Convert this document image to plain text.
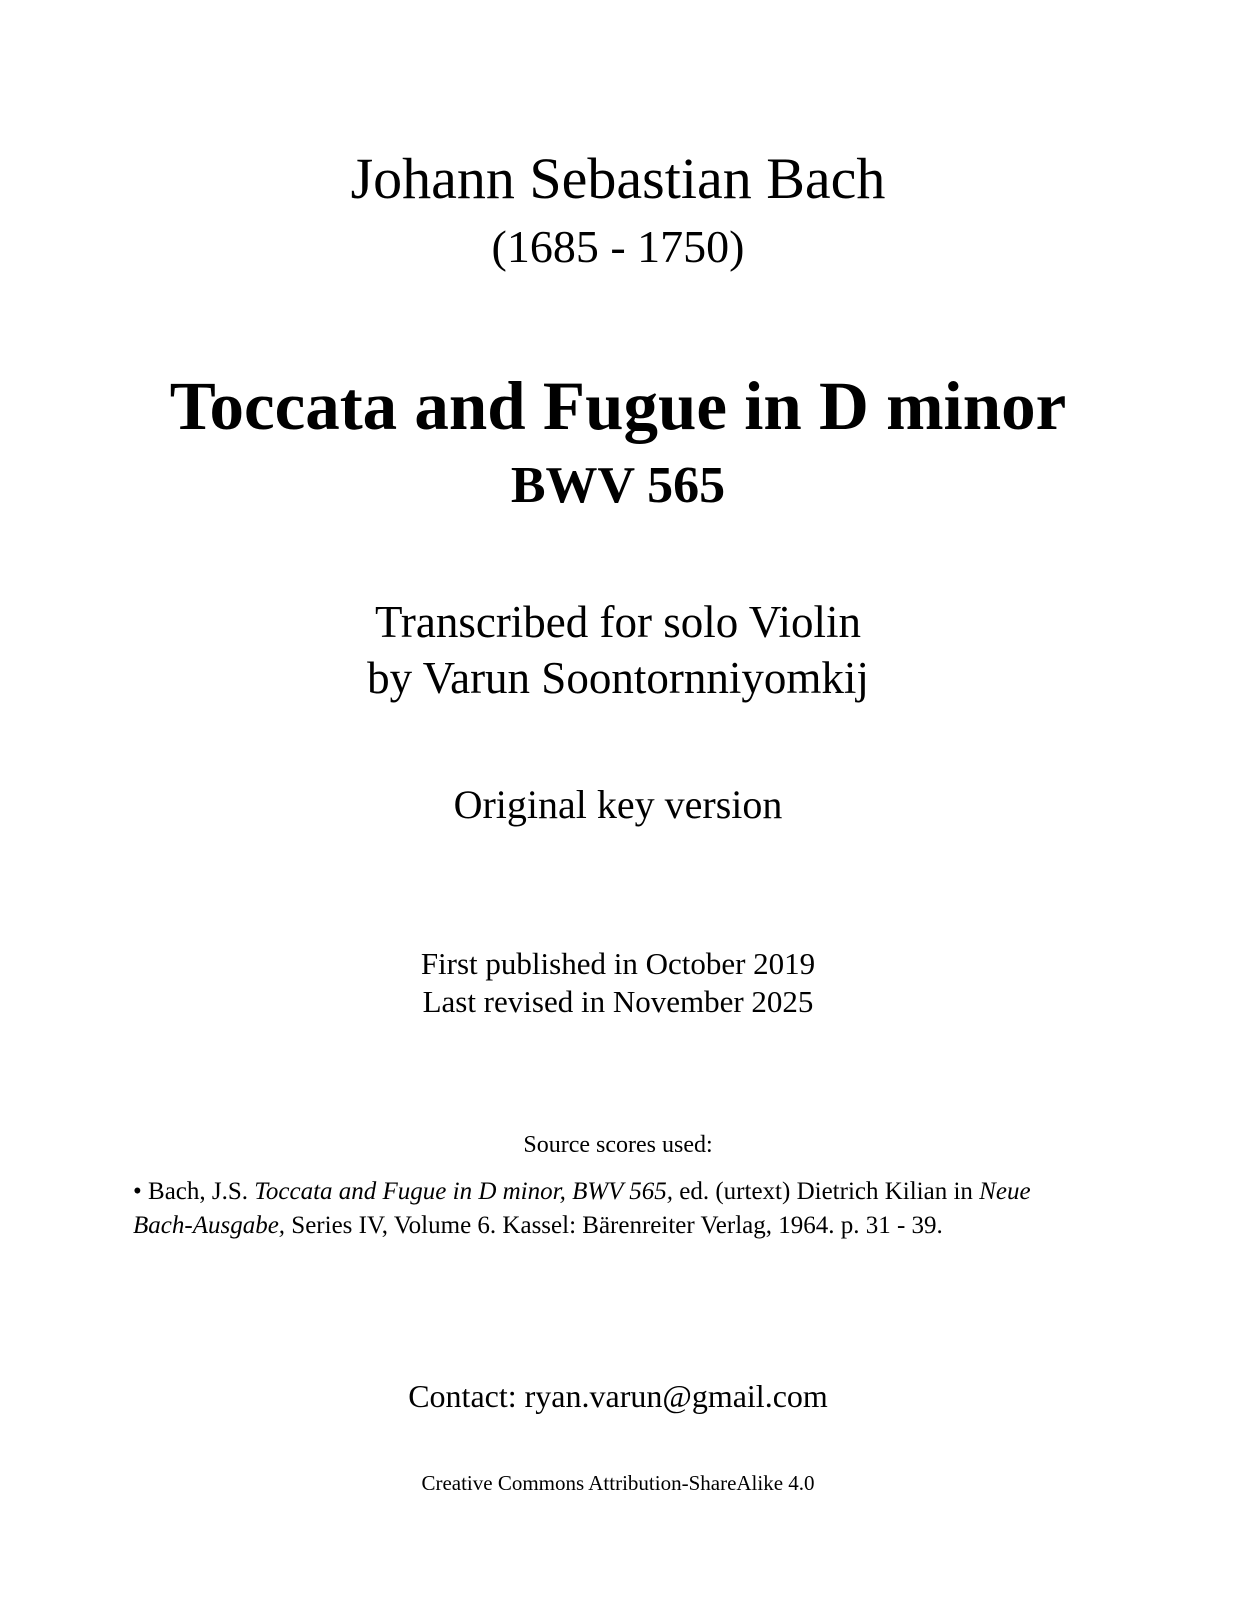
Johann Sebastian Bach
(1685 - 1750)
Toccata and Fugue in D minor
BWV 565
Transcribed for solo Violin
by Varun Soontornniyomkij
Original key version
First published in October 2019
Last revised in November 2025
Source scores used:
• Bach, J.S. Toccata and Fugue in D minor, BWV 565, ed. (urtext) Dietrich Kilian in Neue Bach-Ausgabe, Series IV, Volume 6. Kassel: Bärenreiter Verlag, 1964. p. 31 - 39.
Contact: ryan.varun@gmail.com
Creative Commons Attribution-ShareAlike 4.0
